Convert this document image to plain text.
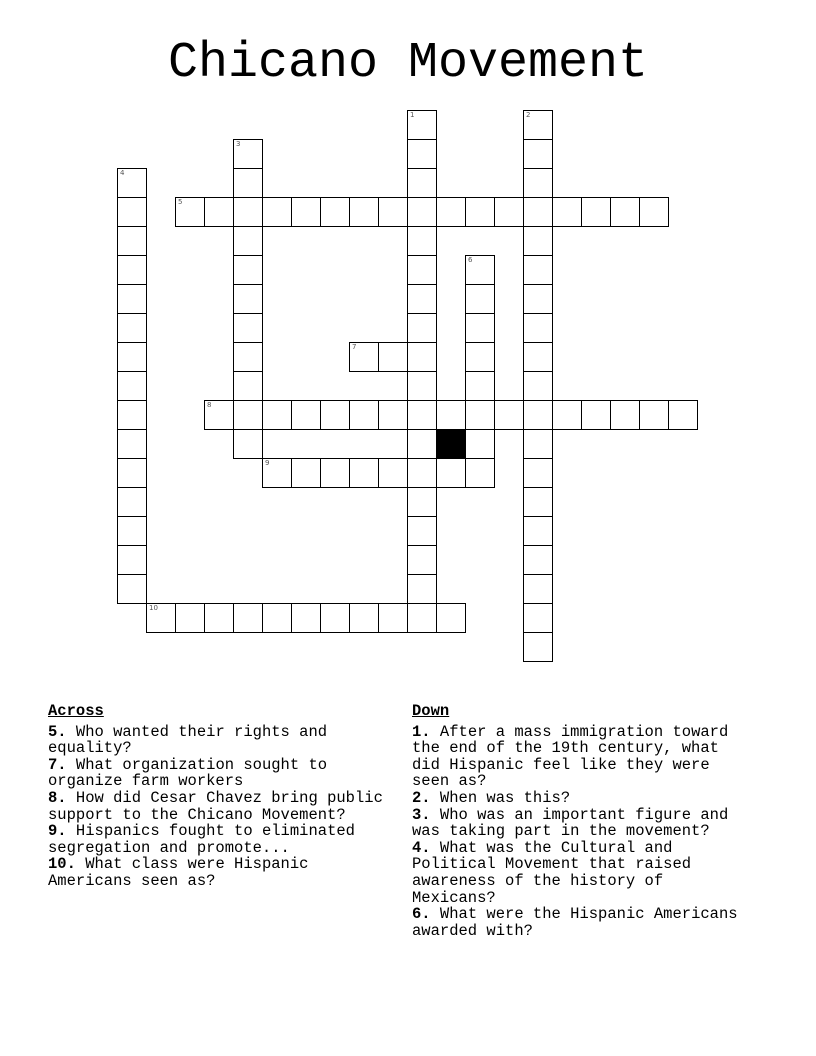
Chicano Movement
1	2
3
4
5
6
7
8
9
10
Across

5. Who wanted their rights and equality?

7. What organization sought to organize farm workers

8. How did Cesar Chavez bring public support to the Chicano Movement?

9. Hispanics fought to eliminated segregation and promote...

10. What class were Hispanic Americans seen as?

Down

1. After a mass immigration toward the end of the 19th century, what did Hispanic feel like they were seen as?

2. When was this?

3. Who was an important figure and was taking part in the movement?

4. What was the Cultural and Political Movement that raised awareness of the history of Mexicans?

6. What were the Hispanic Americans awarded with?
